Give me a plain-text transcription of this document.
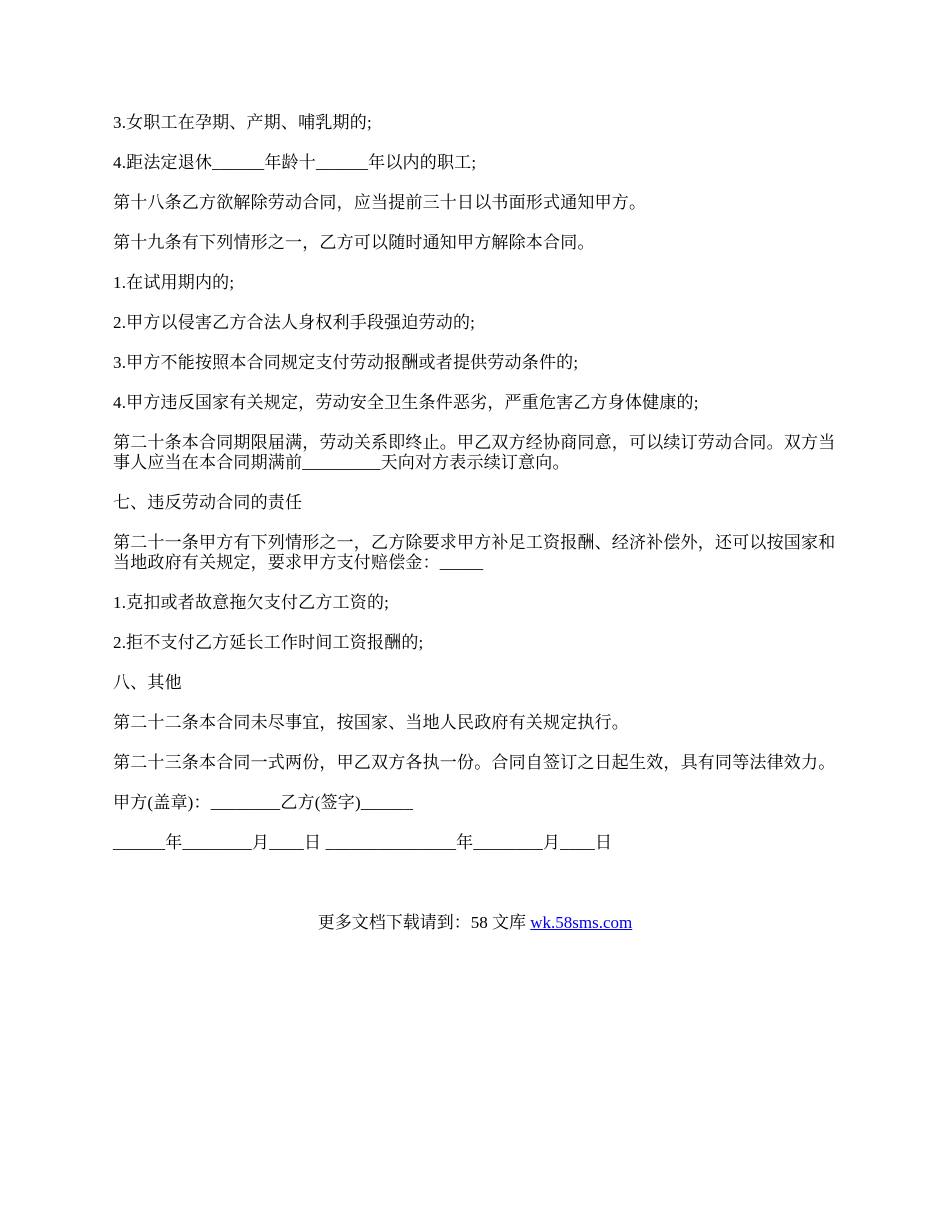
3.女职工在孕期、产期、哺乳期的;

4.距法定退休______年龄十______年以内的职工;

第十八条乙方欲解除劳动合同，应当提前三十日以书面形式通知甲方。

第十九条有下列情形之一，乙方可以随时通知甲方解除本合同。

1.在试用期内的;

2.甲方以侵害乙方合法人身权利手段强迫劳动的;

3.甲方不能按照本合同规定支付劳动报酬或者提供劳动条件的;

4.甲方违反国家有关规定，劳动安全卫生条件恶劣，严重危害乙方身体健康的;

第二十条本合同期限届满，劳动关系即终止。甲乙双方经协商同意，可以续订劳动合同。双方当事人应当在本合同期满前_________天向对方表示续订意向。

七、违反劳动合同的责任

第二十一条甲方有下列情形之一，乙方除要求甲方补足工资报酬、经济补偿外，还可以按国家和当地政府有关规定，要求甲方支付赔偿金：_____

1.克扣或者故意拖欠支付乙方工资的;

2.拒不支付乙方延长工作时间工资报酬的;

八、其他

第二十二条本合同未尽事宜，按国家、当地人民政府有关规定执行。

第二十三条本合同一式两份，甲乙双方各执一份。合同自签订之日起生效，具有同等法律效力。

甲方(盖章)：________乙方(签字)______

______年________月____日 _______________年________月____日

更多文档下载请到：58 文库 wk.58sms.com
